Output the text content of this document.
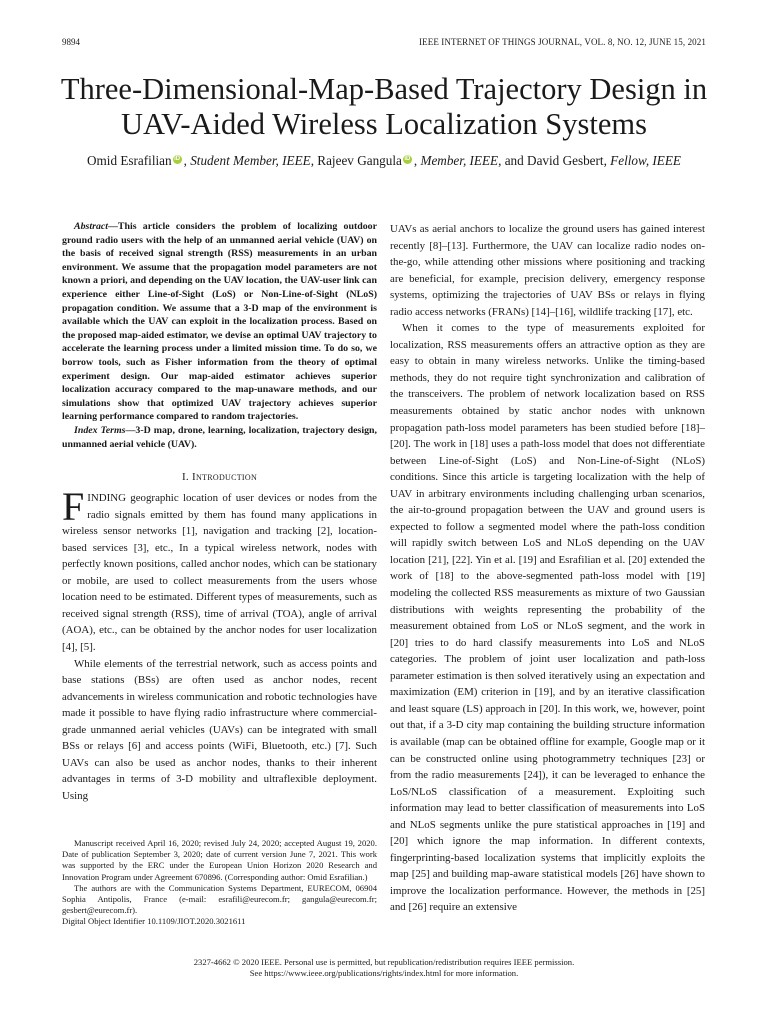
9894	IEEE INTERNET OF THINGS JOURNAL, VOL. 8, NO. 12, JUNE 15, 2021
Three-Dimensional-Map-Based Trajectory Design in
UAV-Aided Wireless Localization Systems
Omid Esrafilian iD , Student Member, IEEE, Rajeev Gangula iD , Member, IEEE, and David Gesbert, Fellow, IEEE

Abstract—This article considers the problem of localizing outdoor ground radio users with the help of an unmanned aerial vehicle (UAV) on the basis of received signal strength (RSS) measurements in an urban environment. We assume that the propagation model parameters are not known a priori, and depending on the UAV location, the UAV-user link can experience either Line-of-Sight (LoS) or Non-Line-of-Sight (NLoS) propagation condition. We assume that a 3-D map of the environment is available which the UAV can exploit in the localization process. Based on the proposed map-aided estimator, we devise an optimal UAV trajectory to accelerate the learning process under a limited mission time. To do so, we borrow tools, such as Fisher information from the theory of optimal experiment design. Our map-aided estimator achieves superior localization accuracy compared to the map-unaware methods, and our simulations show that optimized UAV trajectory achieves superior learning performance compared to random trajectories.

Index Terms—3-D map, drone, learning, localization, trajectory design, unmanned aerial vehicle (UAV).

I. Introduction

FINDING geographic location of user devices or nodes from the radio signals emitted by them has found many applications in wireless sensor networks [1], navigation and tracking [2], location-based services [3], etc., In a typical wireless network, nodes with perfectly known positions, called anchor nodes, which can be stationary or mobile, are used to collect measurements from the users whose location need to be estimated. Different types of measurements, such as received signal strength (RSS), time of arrival (TOA), angle of arrival (AOA), etc., can be obtained by the anchor nodes for user localization [4], [5].

While elements of the terrestrial network, such as access points and base stations (BSs) are often used as anchor nodes, recent advancements in wireless communication and robotic technologies have made it possible to have flying radio infrastructure where commercial-grade unmanned aerial vehicles (UAVs) can be integrated with small BSs or relays [6] and access points (WiFi, Bluetooth, etc.) [7]. Such UAVs can also be used as anchor nodes, thanks to their inherent advantages in terms of 3-D mobility and ultraflexible deployment. Using

Manuscript received April 16, 2020; revised July 24, 2020; accepted August 19, 2020. Date of publication September 3, 2020; date of current version June 7, 2021. This work was supported by the ERC under the European Union Horizon 2020 Research and Innovation Program under Agreement 670896. (Corresponding author: Omid Esrafilian.)

The authors are with the Communication Systems Department, EURECOM, 06904 Sophia Antipolis, France (e-mail: esrafili@eurecom.fr; gangula@eurecom.fr; gesbert@eurecom.fr).

Digital Object Identifier 10.1109/JIOT.2020.3021611

UAVs as aerial anchors to localize the ground users has gained interest recently [8]–[13]. Furthermore, the UAV can localize radio nodes on-the-go, while attending other missions where positioning and tracking are beneficial, for example, precision delivery, emergency response systems, optimizing the trajectories of UAV BSs or relays in flying radio access networks (FRANs) [14]–[16], wildlife tracking [17], etc.

When it comes to the type of measurements exploited for localization, RSS measurements offers an attractive option as they are easy to obtain in many wireless networks. Unlike the timing-based methods, they do not require tight synchronization and calibration of the transceivers. The problem of network localization based on RSS measurements obtained by static anchor nodes with unknown propagation path-loss model parameters has been studied before [18]–[20]. The work in [18] uses a path-loss model that does not differentiate between Line-of-Sight (LoS) and Non-Line-of-Sight (NLoS) conditions. Since this article is targeting localization with the help of UAV in arbitrary environments including challenging urban scenarios, the air-to-ground propagation between the UAV and ground users is expected to follow a segmented model where the path-loss condition will rapidly switch between LoS and NLoS depending on the UAV location [21], [22]. Yin et al. [19] and Esrafilian et al. [20] extended the work of [18] to the above-segmented path-loss model with [19] modeling the collected RSS measurements as mixture of two Gaussian distributions with weights representing the probability of the measurement obtained from LoS or NLoS segment, and the work in [20] tries to do hard classify measurements into LoS and NLoS categories. The problem of joint user localization and path-loss parameter estimation is then solved iteratively using an expectation and maximization (EM) criterion in [19], and by an iterative classification and least square (LS) approach in [20]. In this work, we, however, point out that, if a 3-D city map containing the building structure information is available (map can be obtained offline for example, Google map or it can be constructed online using photogrammetry techniques [23] or from the radio measurements [24]), it can be leveraged to enhance the LoS/NLoS classification of a measurement. Exploiting such information may lead to better classification of measurements into LoS and NLoS segments unlike the pure statistical approaches in [19] and [20] which ignore the map information. In different contexts, fingerprinting-based localization systems that implicitly exploits the map [25] and building map-aware statistical models [26] have shown to improve the localization performance. However, the methods in [25] and [26] require an extensive

2327-4662 © 2020 IEEE. Personal use is permitted, but republication/redistribution requires IEEE permission.
See https://www.ieee.org/publications/rights/index.html for more information.
